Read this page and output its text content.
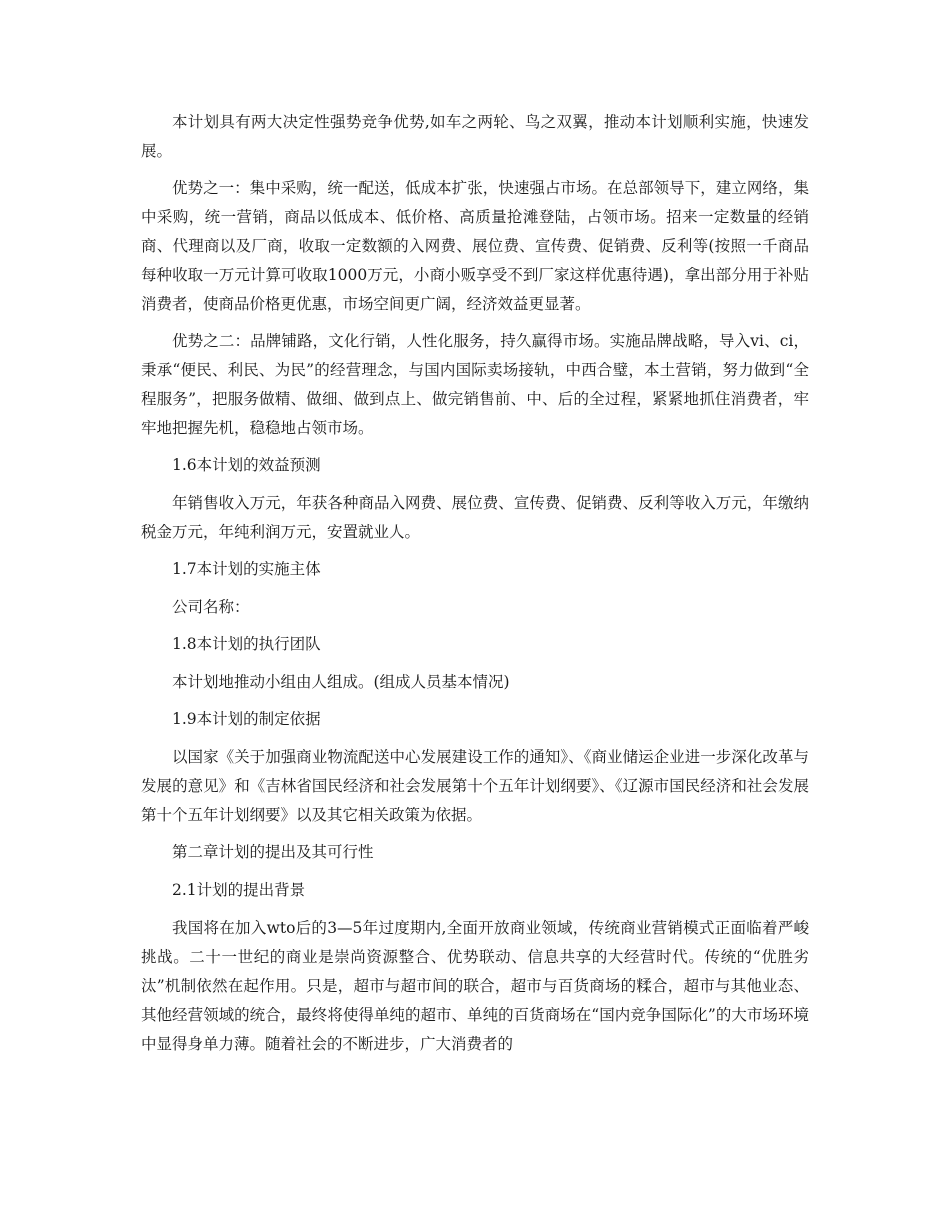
本计划具有两大决定性强势竞争优势,如车之两轮、鸟之双翼，推动本计划顺利实施，快速发展。

优势之一：集中采购，统一配送，低成本扩张，快速强占市场。在总部领导下，建立网络，集中采购，统一营销，商品以低成本、低价格、高质量抢滩登陆，占领市场。招来一定数量的经销商、代理商以及厂商，收取一定数额的入网费、展位费、宣传费、促销费、反利等(按照一千商品每种收取一万元计算可收取1000万元，小商小贩享受不到厂家这样优惠待遇)，拿出部分用于补贴消费者，使商品价格更优惠，市场空间更广阔，经济效益更显著。

优势之二：品牌铺路，文化行销，人性化服务，持久赢得市场。实施品牌战略，导入vi、ci，秉承“便民、利民、为民”的经营理念，与国内国际卖场接轨，中西合璧，本土营销，努力做到“全程服务”，把服务做精、做细、做到点上、做完销售前、中、后的全过程，紧紧地抓住消费者，牢牢地把握先机，稳稳地占领市场。

1.6本计划的效益预测

年销售收入万元，年获各种商品入网费、展位费、宣传费、促销费、反利等收入万元，年缴纳税金万元，年纯利润万元，安置就业人。

1.7本计划的实施主体

公司名称：

1.8本计划的执行团队

本计划地推动小组由人组成。(组成人员基本情况)

1.9本计划的制定依据

以国家《关于加强商业物流配送中心发展建设工作的通知》、《商业储运企业进一步深化改革与发展的意见》和《吉林省国民经济和社会发展第十个五年计划纲要》、《辽源市国民经济和社会发展第十个五年计划纲要》以及其它相关政策为依据。

第二章计划的提出及其可行性

2.1计划的提出背景

我国将在加入wto后的3—5年过度期内,全面开放商业领域，传统商业营销模式正面临着严峻挑战。二十一世纪的商业是崇尚资源整合、优势联动、信息共享的大经营时代。传统的“优胜劣汰”机制依然在起作用。只是，超市与超市间的联合，超市与百货商场的糅合，超市与其他业态、其他经营领域的统合，最终将使得单纯的超市、单纯的百货商场在“国内竞争国际化”的大市场环境中显得身单力薄。随着社会的不断进步，广大消费者的
